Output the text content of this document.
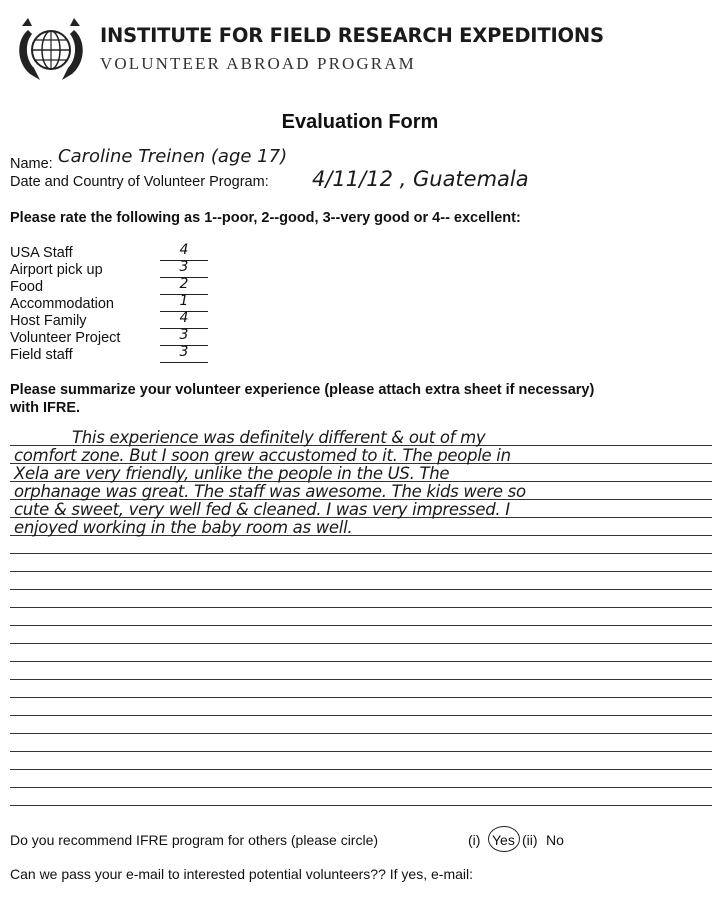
INSTITUTE FOR FIELD RESEARCH EXPEDITIONS
VOLUNTEER ABROAD PROGRAM
Evaluation Form
Name: Caroline Treinen (age 17)
Date and Country of Volunteer Program: 4/11/12 , Guatemala
Please rate the following as 1--poor, 2--good, 3--very good or 4-- excellent:
USA Staff	4
Airport pick up	3
Food	2
Accommodation	1
Host Family	4
Volunteer Project	3
Field staff	3
Please summarize your volunteer experience (please attach extra sheet if necessary)
with IFRE.
This experience was definitely different & out of my
comfort zone. But I soon grew accustomed to it. The people in
Xela are very friendly, unlike the people in the US. The
orphanage was great. The staff was awesome. The kids were so
cute & sweet, very well fed & cleaned. I was very impressed. I
enjoyed working in the baby room as well.
Do you recommend IFRE program for others (please circle)	(i) Yes (ii) No
Can we pass your e-mail to interested potential volunteers?? If yes, e-mail:
